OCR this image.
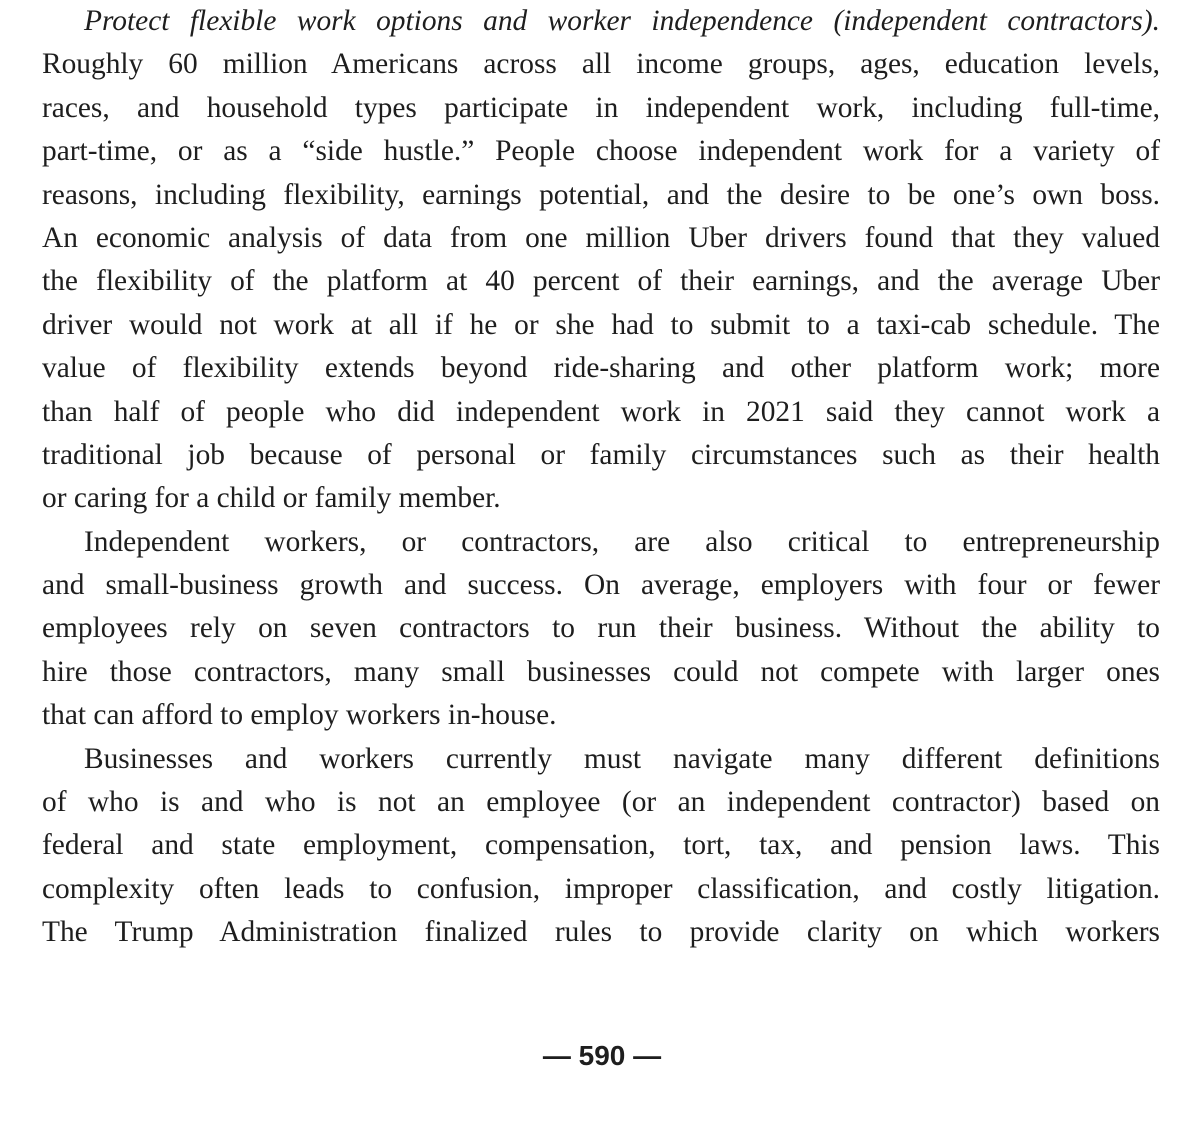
Protect flexible work options and worker independence (independent contractors).
Roughly 60 million Americans across all income groups, ages, education levels,
races, and household types participate in independent work, including full-time,
part-time, or as a “side hustle.” People choose independent work for a variety of
reasons, including flexibility, earnings potential, and the desire to be one’s own boss.
An economic analysis of data from one million Uber drivers found that they valued
the flexibility of the platform at 40 percent of their earnings, and the average Uber
driver would not work at all if he or she had to submit to a taxi-cab schedule. The
value of flexibility extends beyond ride-sharing and other platform work; more
than half of people who did independent work in 2021 said they cannot work a
traditional job because of personal or family circumstances such as their health
or caring for a child or family member.
Independent workers, or contractors, are also critical to entrepreneurship
and small-business growth and success. On average, employers with four or fewer
employees rely on seven contractors to run their business. Without the ability to
hire those contractors, many small businesses could not compete with larger ones
that can afford to employ workers in-house.
Businesses and workers currently must navigate many different definitions
of who is and who is not an employee (or an independent contractor) based on
federal and state employment, compensation, tort, tax, and pension laws. This
complexity often leads to confusion, improper classification, and costly litigation.
The Trump Administration finalized rules to provide clarity on which workers
— 590 —
